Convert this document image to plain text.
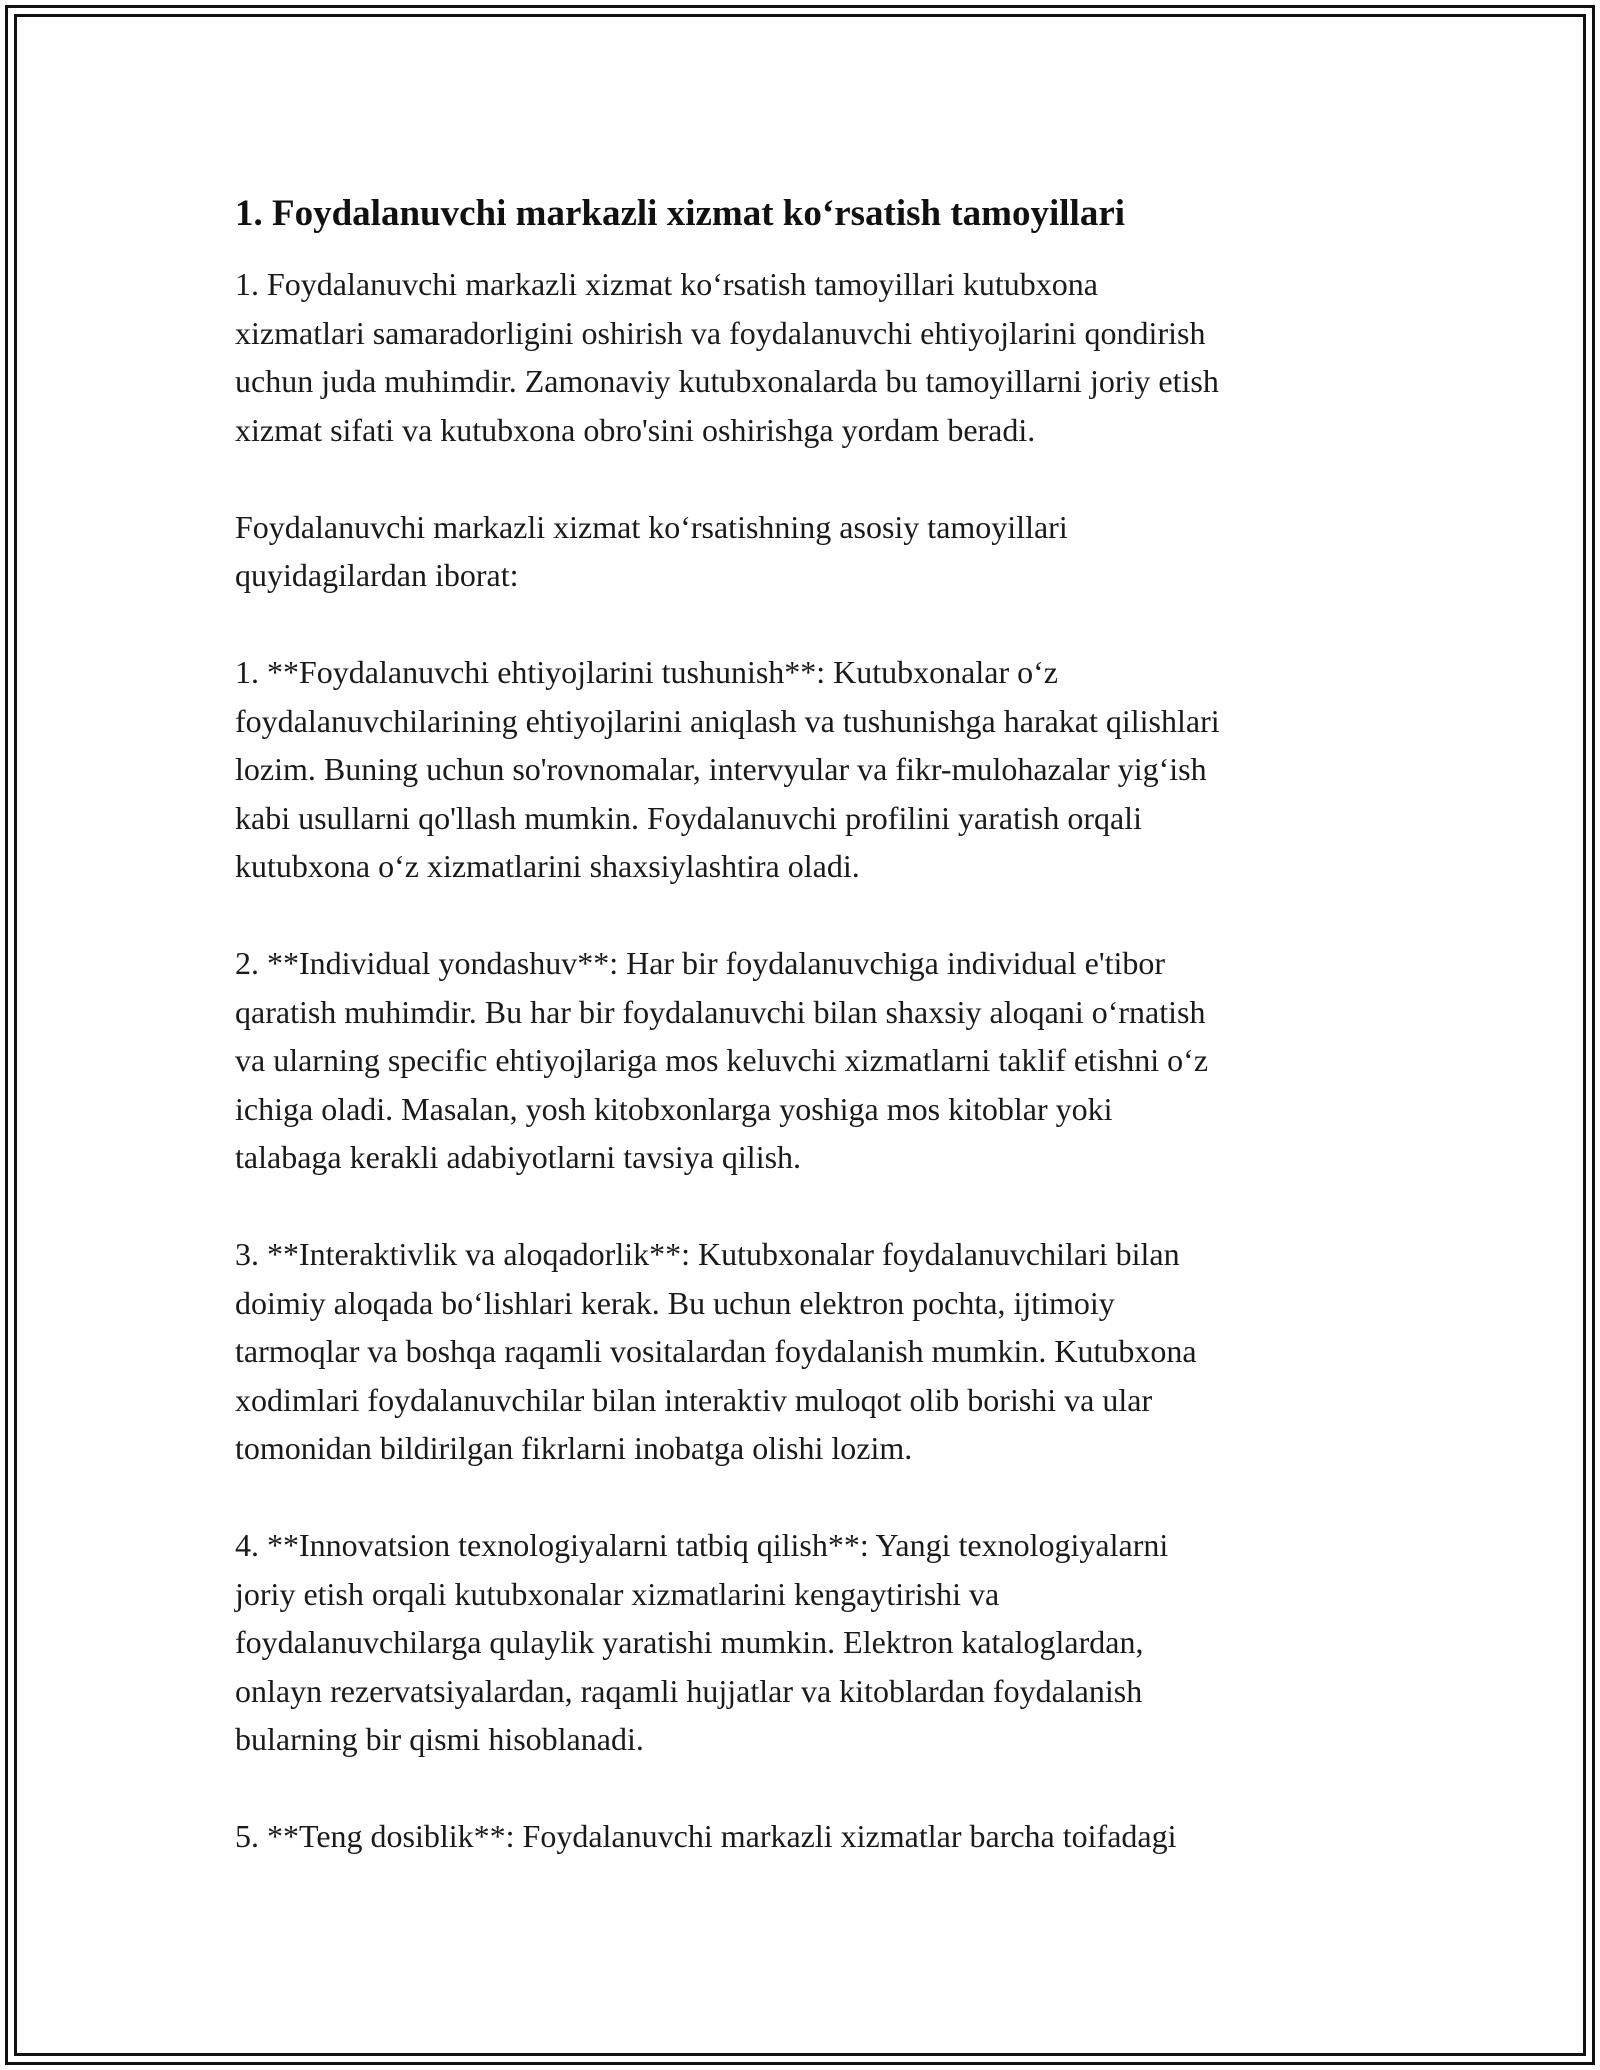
1. Foydalanuvchi markazli xizmat ko‘rsatish tamoyillari
1. Foydalanuvchi markazli xizmat ko‘rsatish tamoyillari kutubxona
xizmatlari samaradorligini oshirish va foydalanuvchi ehtiyojlarini qondirish
uchun juda muhimdir. Zamonaviy kutubxonalarda bu tamoyillarni joriy etish
xizmat sifati va kutubxona obro'sini oshirishga yordam beradi.
Foydalanuvchi markazli xizmat ko‘rsatishning asosiy tamoyillari
quyidagilardan iborat:
1. **Foydalanuvchi ehtiyojlarini tushunish**: Kutubxonalar o‘z
foydalanuvchilarining ehtiyojlarini aniqlash va tushunishga harakat qilishlari
lozim. Buning uchun so'rovnomalar, intervyular va fikr-mulohazalar yig‘ish
kabi usullarni qo'llash mumkin. Foydalanuvchi profilini yaratish orqali
kutubxona o‘z xizmatlarini shaxsiylashtira oladi.
2. **Individual yondashuv**: Har bir foydalanuvchiga individual e'tibor
qaratish muhimdir. Bu har bir foydalanuvchi bilan shaxsiy aloqani o‘rnatish
va ularning specific ehtiyojlariga mos keluvchi xizmatlarni taklif etishni o‘z
ichiga oladi. Masalan, yosh kitobxonlarga yoshiga mos kitoblar yoki
talabaga kerakli adabiyotlarni tavsiya qilish.
3. **Interaktivlik va aloqadorlik**: Kutubxonalar foydalanuvchilari bilan
doimiy aloqada bo‘lishlari kerak. Bu uchun elektron pochta, ijtimoiy
tarmoqlar va boshqa raqamli vositalardan foydalanish mumkin. Kutubxona
xodimlari foydalanuvchilar bilan interaktiv muloqot olib borishi va ular
tomonidan bildirilgan fikrlarni inobatga olishi lozim.
4. **Innovatsion texnologiyalarni tatbiq qilish**: Yangi texnologiyalarni
joriy etish orqali kutubxonalar xizmatlarini kengaytirishi va
foydalanuvchilarga qulaylik yaratishi mumkin. Elektron kataloglardan,
onlayn rezervatsiyalardan, raqamli hujjatlar va kitoblardan foydalanish
bularning bir qismi hisoblanadi.
5. **Teng dosiblik**: Foydalanuvchi markazli xizmatlar barcha toifadagi
